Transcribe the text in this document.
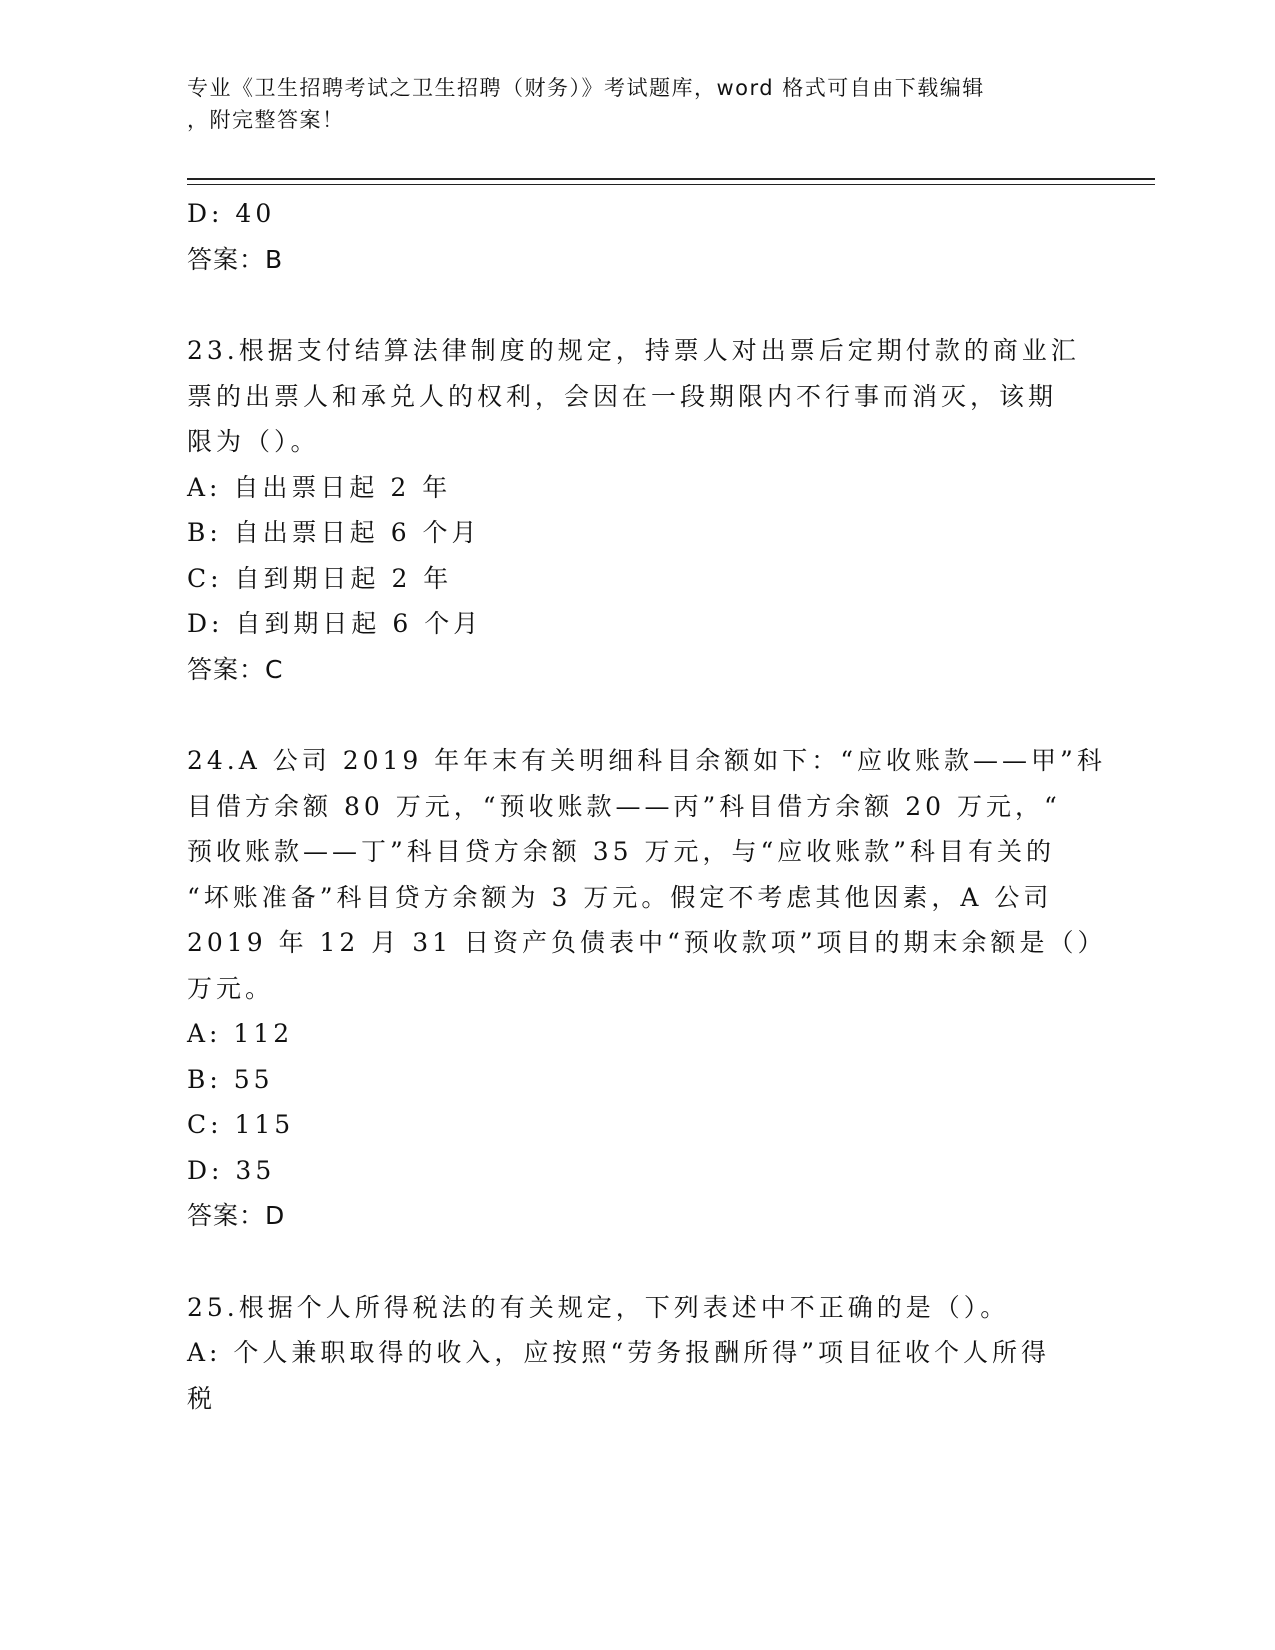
专业《卫生招聘考试之卫生招聘（财务）》考试题库，word 格式可自由下载编辑
，附完整答案！
D: 40
答案：B
23.根据支付结算法律制度的规定，持票人对出票后定期付款的商业汇
票的出票人和承兑人的权利，会因在一段期限内不行事而消灭，该期
限为（）。
A: 自出票日起 2 年
B: 自出票日起 6 个月
C: 自到期日起 2 年
D: 自到期日起 6 个月
答案：C
24.A 公司 2019 年年末有关明细科目余额如下：“应收账款——甲”科
目借方余额 80 万元，“预收账款——丙”科目借方余额 20 万元，“
预收账款——丁”科目贷方余额 35 万元，与“应收账款”科目有关的
“坏账准备”科目贷方余额为 3 万元。假定不考虑其他因素，A 公司
2019 年 12 月 31 日资产负债表中“预收款项”项目的期末余额是（）
万元。
A: 112
B: 55
C: 115
D: 35
答案：D
25.根据个人所得税法的有关规定，下列表述中不正确的是（）。
A: 个人兼职取得的收入，应按照“劳务报酬所得”项目征收个人所得
税
